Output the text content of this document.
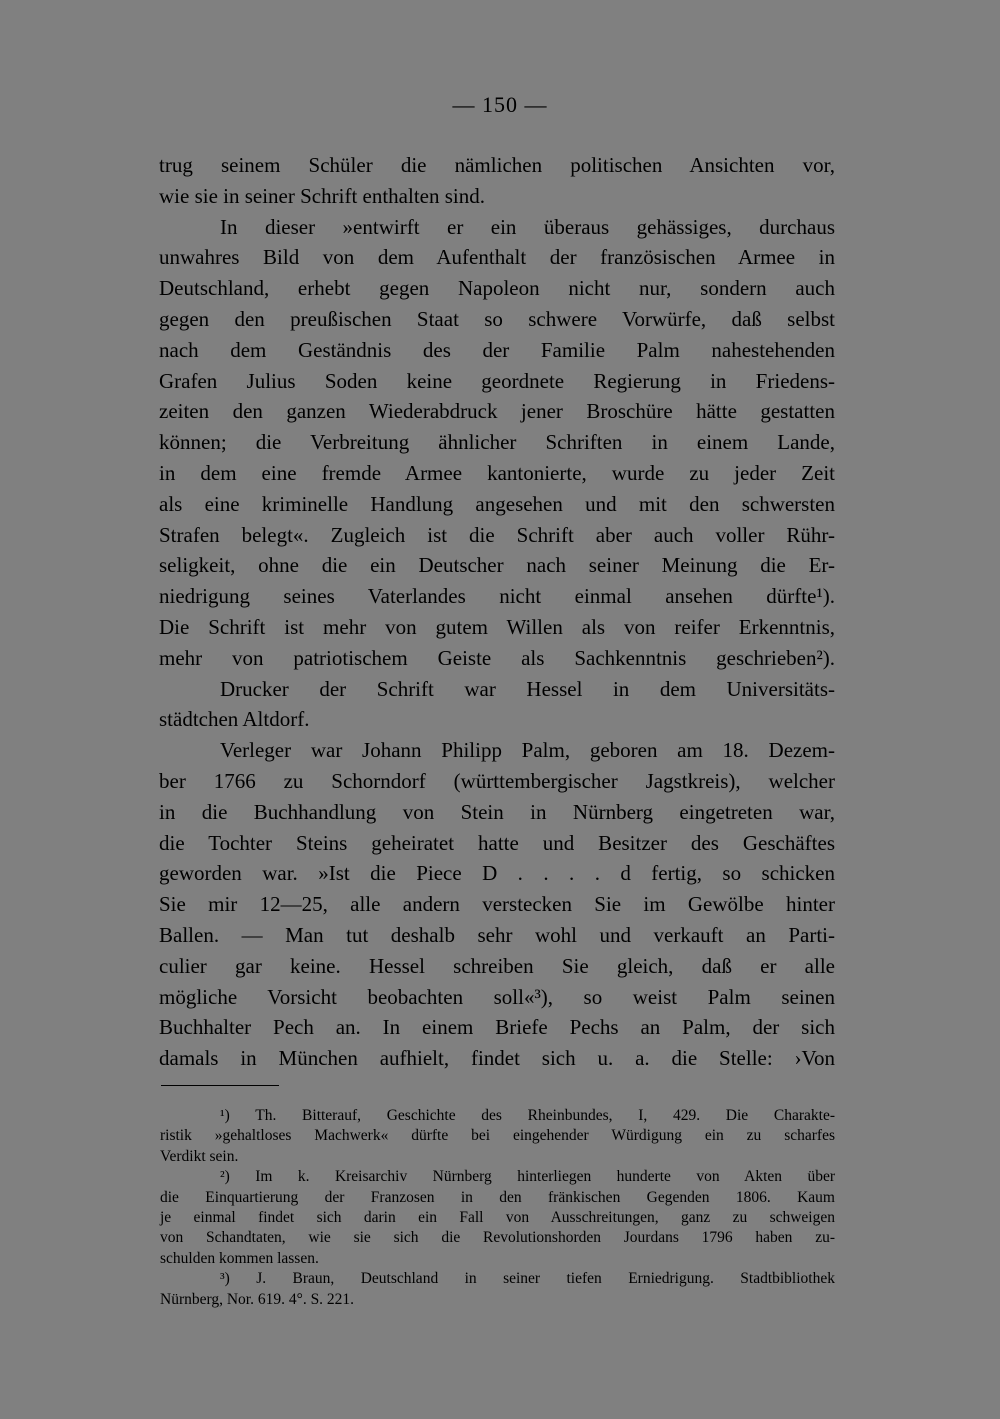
— 150 —
trug seinem Schüler die nämlichen politischen Ansichten vor,
wie sie in seiner Schrift enthalten sind.
In dieser »entwirft er ein überaus gehässiges, durchaus
unwahres Bild von dem Aufenthalt der französischen Armee in
Deutschland, erhebt gegen Napoleon nicht nur, sondern auch
gegen den preußischen Staat so schwere Vorwürfe, daß selbst
nach dem Geständnis des der Familie Palm nahestehenden
Grafen Julius Soden keine geordnete Regierung in Friedens-
zeiten den ganzen Wiederabdruck jener Broschüre hätte gestatten
können; die Verbreitung ähnlicher Schriften in einem Lande,
in dem eine fremde Armee kantonierte, wurde zu jeder Zeit
als eine kriminelle Handlung angesehen und mit den schwersten
Strafen belegt«. Zugleich ist die Schrift aber auch voller Rühr-
seligkeit, ohne die ein Deutscher nach seiner Meinung die Er-
niedrigung seines Vaterlandes nicht einmal ansehen dürfte¹).
Die Schrift ist mehr von gutem Willen als von reifer Erkenntnis,
mehr von patriotischem Geiste als Sachkenntnis geschrieben²).
Drucker der Schrift war Hessel in dem Universitäts-
städtchen Altdorf.
Verleger war Johann Philipp Palm, geboren am 18. Dezem-
ber 1766 zu Schorndorf (württembergischer Jagstkreis), welcher
in die Buchhandlung von Stein in Nürnberg eingetreten war,
die Tochter Steins geheiratet hatte und Besitzer des Geschäftes
geworden war. »Ist die Piece D . . . . d fertig, so schicken
Sie mir 12—25, alle andern verstecken Sie im Gewölbe hinter
Ballen. — Man tut deshalb sehr wohl und verkauft an Parti-
culier gar keine. Hessel schreiben Sie gleich, daß er alle
mögliche Vorsicht beobachten soll«³), so weist Palm seinen
Buchhalter Pech an. In einem Briefe Pechs an Palm, der sich
damals in München aufhielt, findet sich u. a. die Stelle: ›Von
¹) Th. Bitterauf, Geschichte des Rheinbundes, I, 429. Die Charakte-
ristik »gehaltloses Machwerk« dürfte bei eingehender Würdigung ein zu scharfes
Verdikt sein.
²) Im k. Kreisarchiv Nürnberg hinterliegen hunderte von Akten über
die Einquartierung der Franzosen in den fränkischen Gegenden 1806. Kaum
je einmal findet sich darin ein Fall von Ausschreitungen, ganz zu schweigen
von Schandtaten, wie sie sich die Revolutionshorden Jourdans 1796 haben zu-
schulden kommen lassen.
³) J. Braun, Deutschland in seiner tiefen Erniedrigung. Stadtbibliothek
Nürnberg, Nor. 619. 4°. S. 221.
